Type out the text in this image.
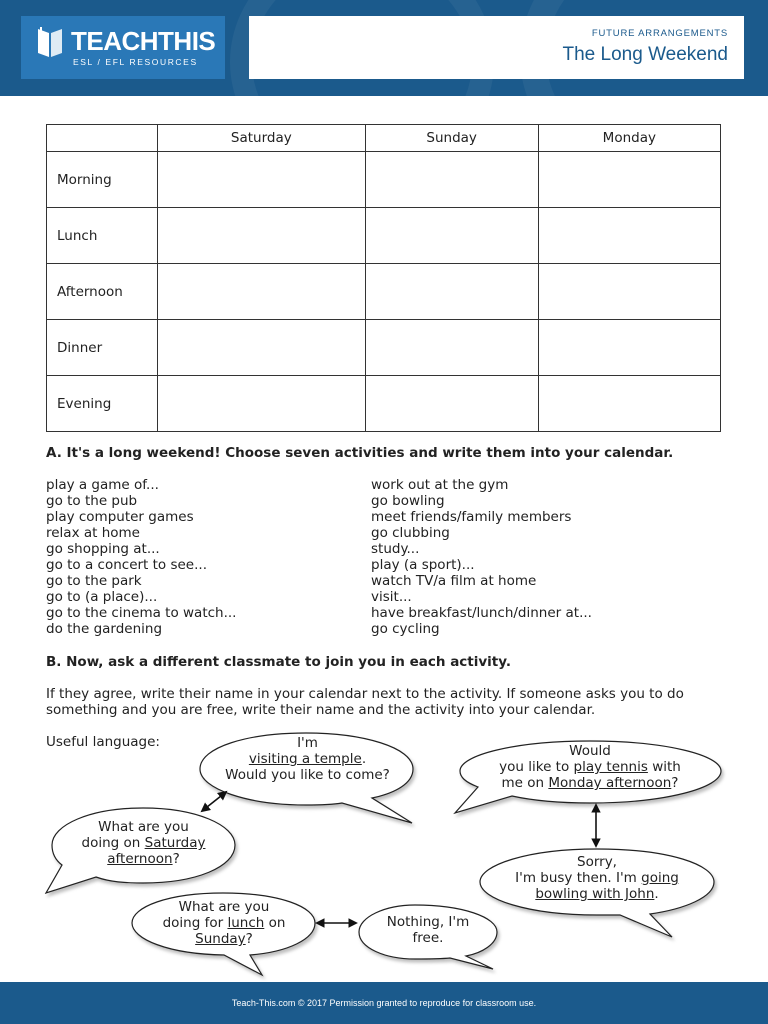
TEACHTHIS
ESL / EFL RESOURCES
FUTURE ARRANGEMENTS
The Long Weekend
	Saturday	Sunday	Monday
Morning			
Lunch			
Afternoon			
Dinner			
Evening			
A. It's a long weekend! Choose seven activities and write them into your calendar.
play a game of...
go to the pub
play computer games
relax at home
go shopping at...
go to a concert to see...
go to the park
go to (a place)...
go to the cinema to watch...
do the gardening
work out at the gym
go bowling
meet friends/family members
go clubbing
study...
play (a sport)...
watch TV/a film at home
visit...
have breakfast/lunch/dinner at...
go cycling
B. Now, ask a different classmate to join you in each activity.
If they agree, write their name in your calendar next to the activity. If someone asks you to do
something and you are free, write their name and the activity into your calendar.
Useful language:	I'm
visiting a temple.
Would you like to come?
What are you
doing on Saturday
afternoon?
Would
you like to play tennis with
me on Monday afternoon?
Sorry,
I'm busy then. I'm going
bowling with John.
What are you
doing for lunch on
Sunday?
Nothing, I'm
free.
Teach-This.com © 2017 Permission granted to reproduce for classroom use.
